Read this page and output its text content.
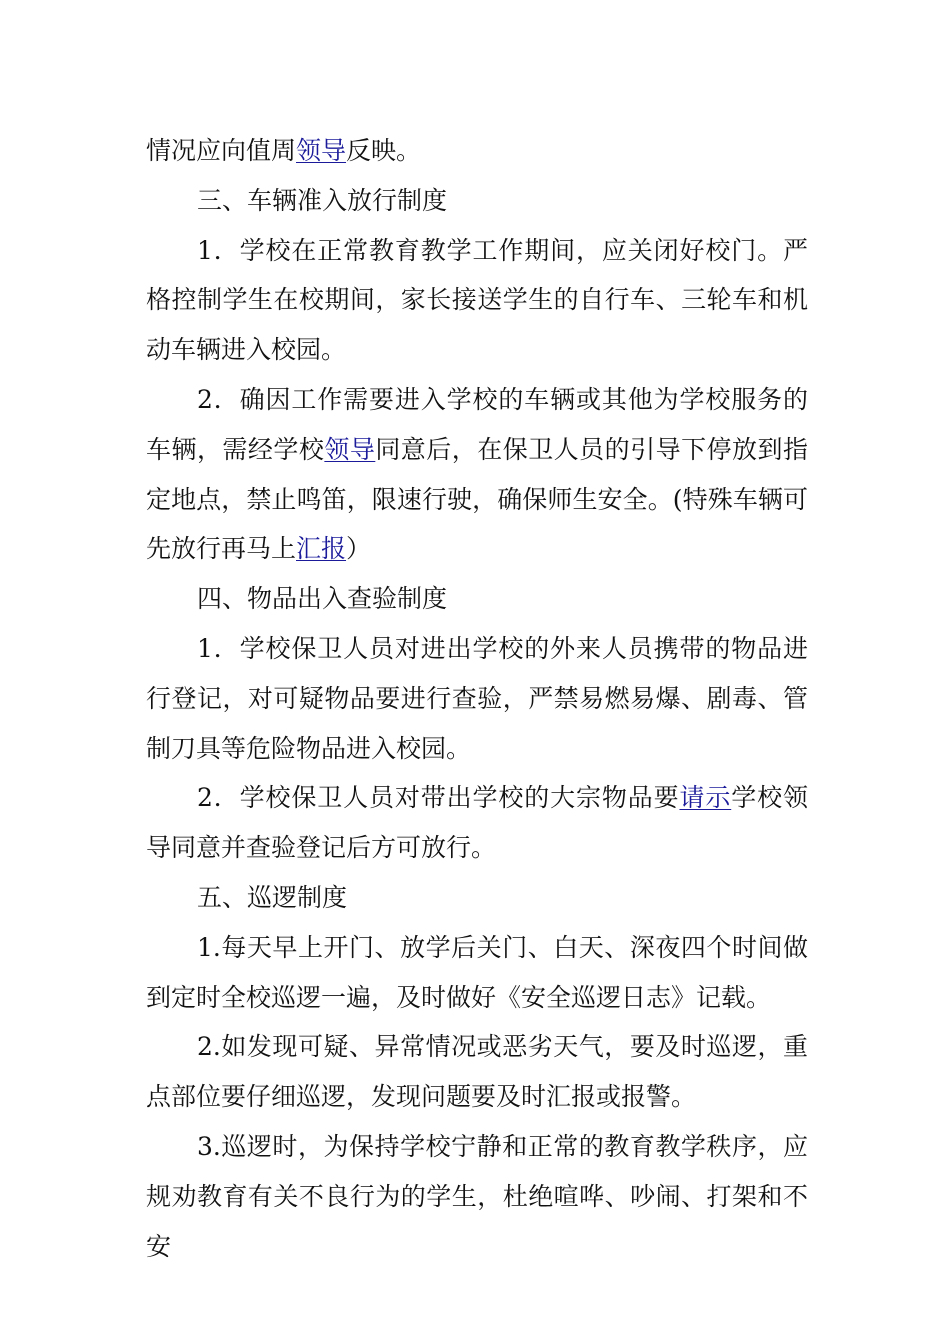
情况应向值周领导反映。

三、车辆准入放行制度

1．学校在正常教育教学工作期间，应关闭好校门。严格控制学生在校期间，家长接送学生的自行车、三轮车和机动车辆进入校园。

2．确因工作需要进入学校的车辆或其他为学校服务的车辆，需经学校领导同意后，在保卫人员的引导下停放到指定地点，禁止鸣笛，限速行驶，确保师生安全。(特殊车辆可先放行再马上汇报）

四、物品出入查验制度

1．学校保卫人员对进出学校的外来人员携带的物品进行登记，对可疑物品要进行查验，严禁易燃易爆、剧毒、管制刀具等危险物品进入校园。

2．学校保卫人员对带出学校的大宗物品要请示学校领导同意并查验登记后方可放行。

五、巡逻制度

1.每天早上开门、放学后关门、白天、深夜四个时间做到定时全校巡逻一遍，及时做好《安全巡逻日志》记载。

2.如发现可疑、异常情况或恶劣天气，要及时巡逻，重点部位要仔细巡逻，发现问题要及时汇报或报警。

3.巡逻时，为保持学校宁静和正常的教育教学秩序，应规劝教育有关不良行为的学生，杜绝喧哗、吵闹、打架和不安
